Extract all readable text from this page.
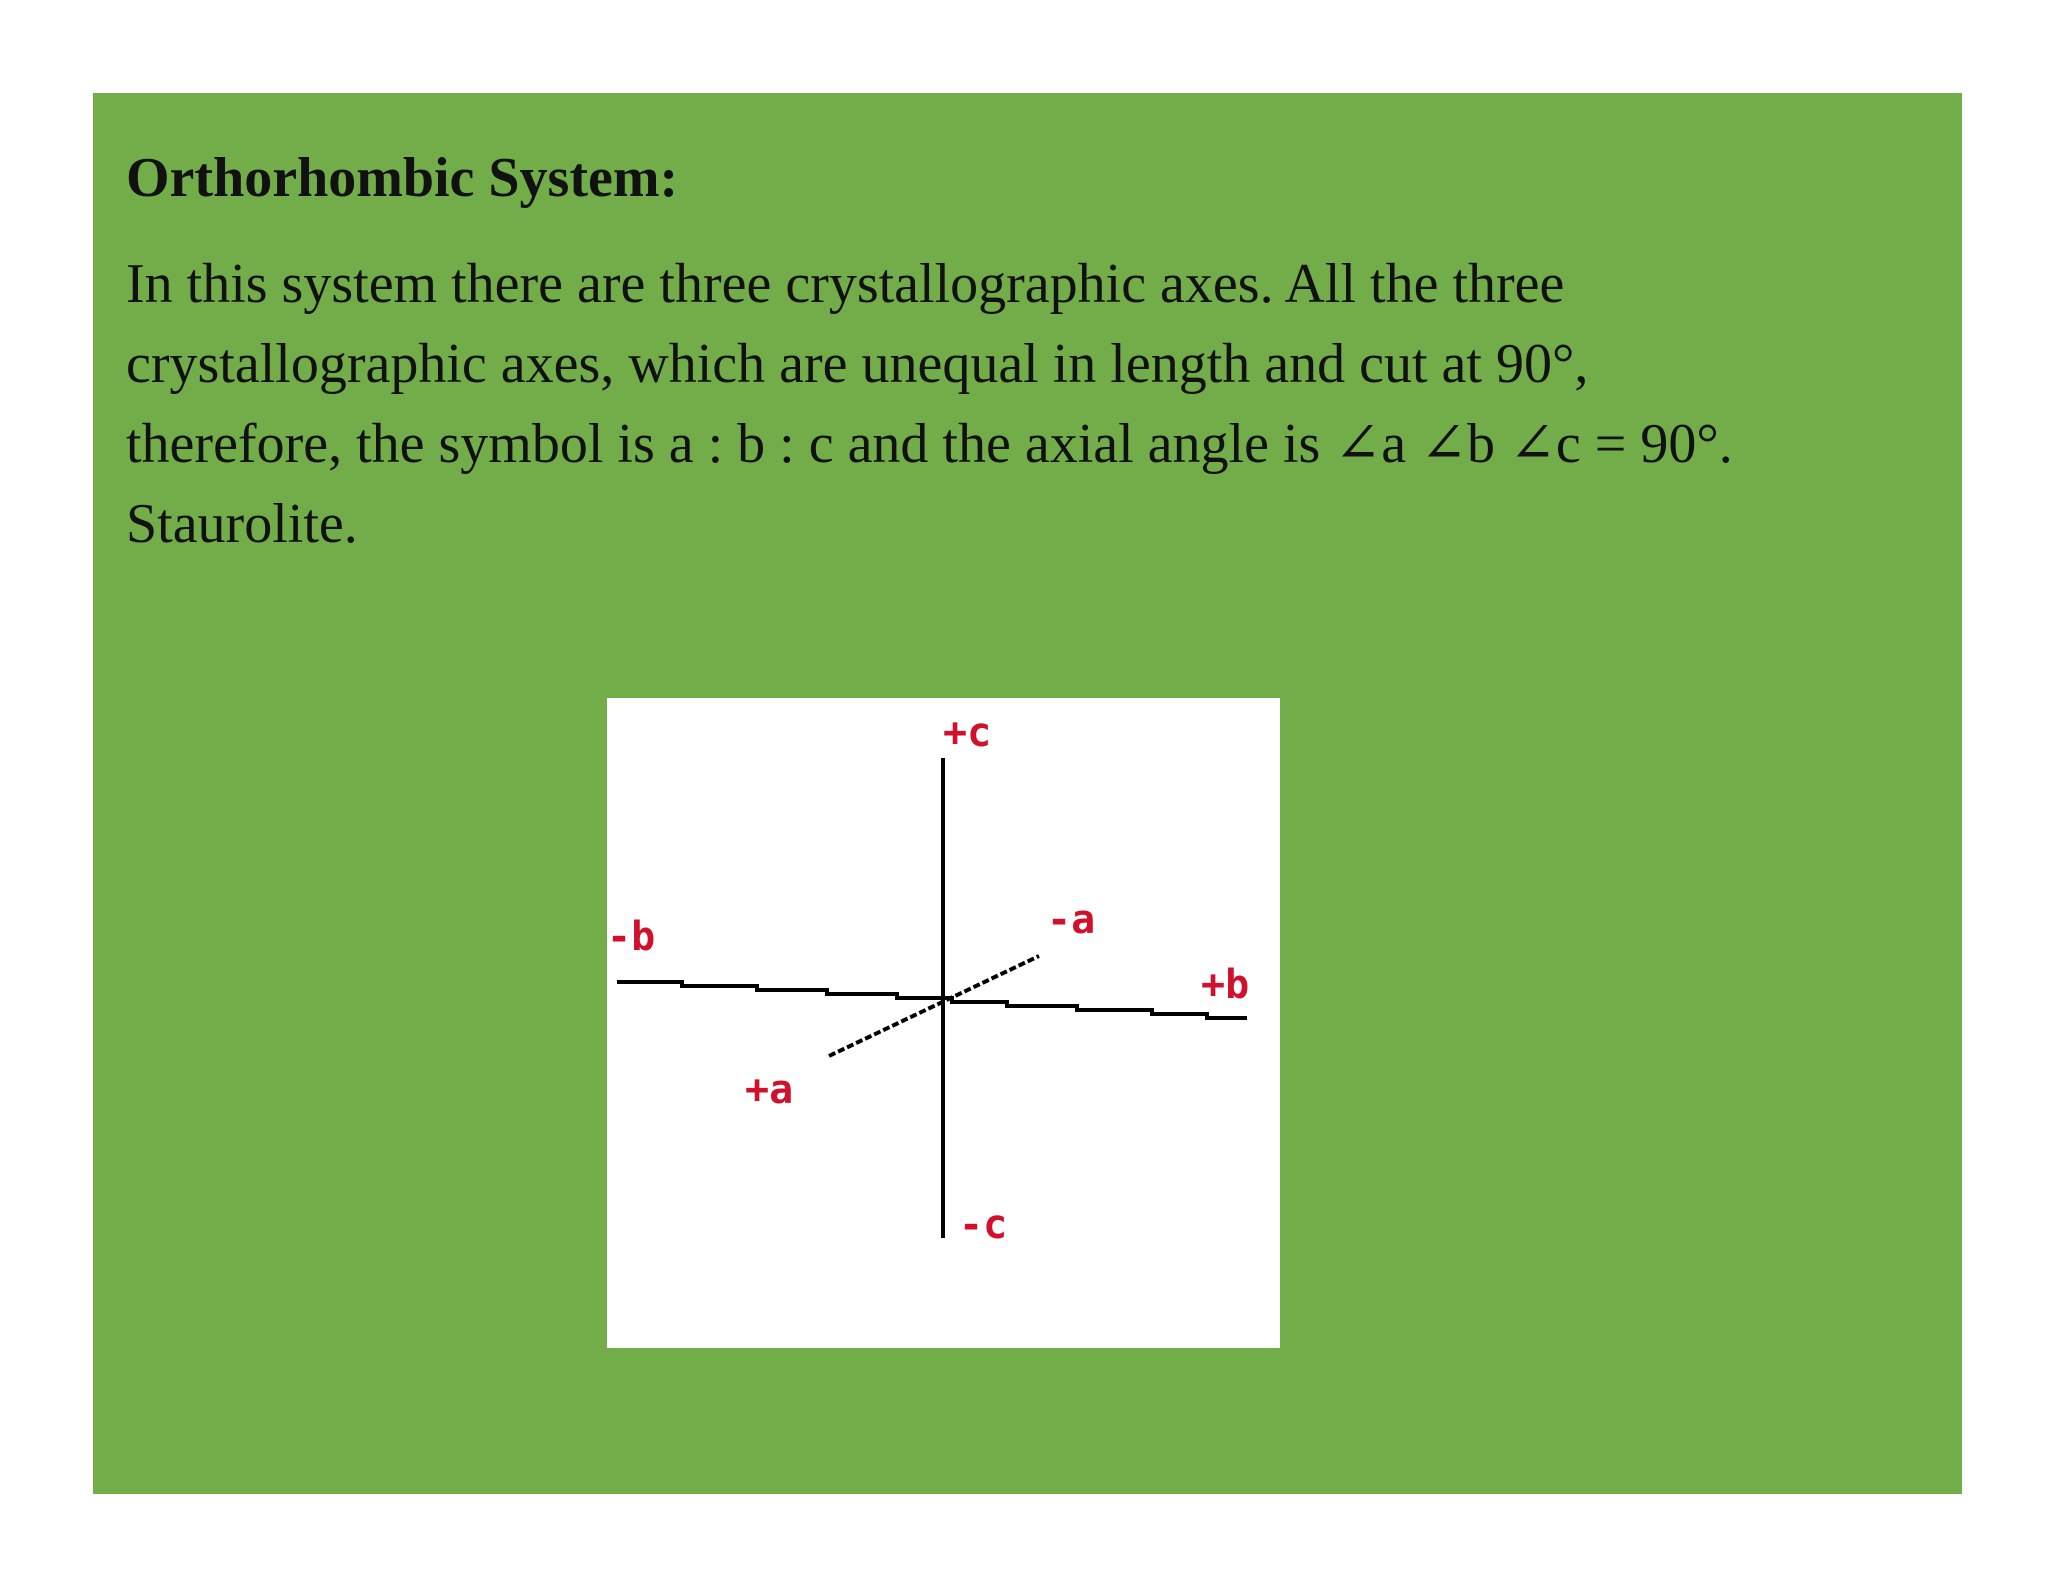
Orthorhombic System:

In this system there are three crystallographic axes. All the three
crystallographic axes, which are unequal in length and cut at 90°,
therefore, the symbol is a : b : c and the axial angle is ∠a ∠b ∠c = 90°.
Staurolite.

+c
-c
+b
-b
+a
-a
